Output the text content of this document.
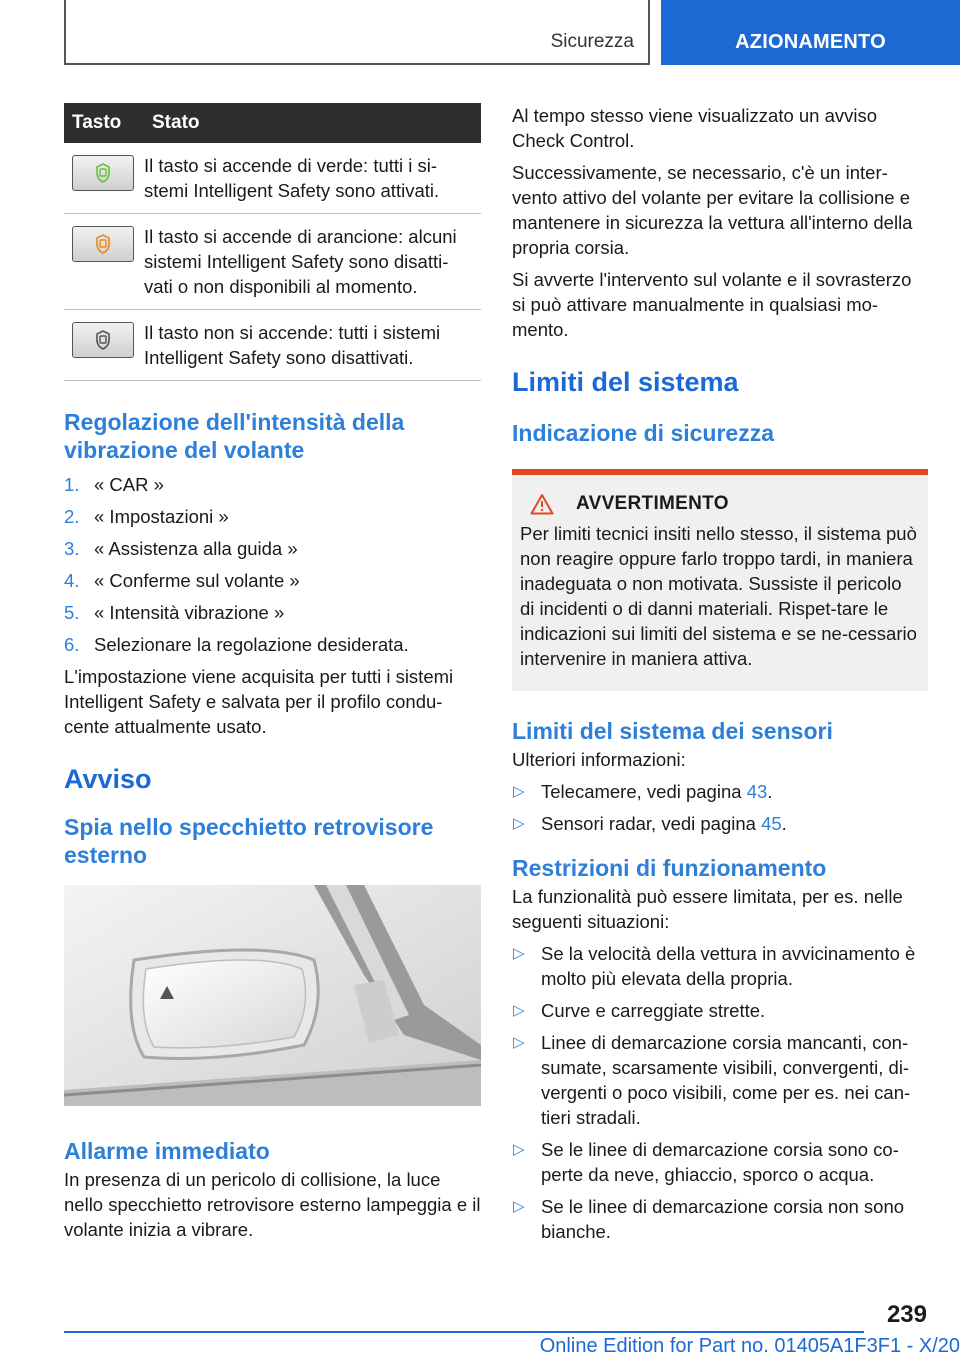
Sicurezza	AZIONAMENTO
Tasto	Stato

	Il tasto si accende di verde: tutti i si-
stemi Intelligent Safety sono attivati.

	Il tasto si accende di arancione: alcuni
sistemi Intelligent Safety sono disatti-
vati o non disponibili al momento.

	Il tasto non si accende: tutti i sistemi
Intelligent Safety sono disattivati.
Regolazione dell'intensità della vibrazione del volante
1. « CAR »
2. « Impostazioni »
3. « Assistenza alla guida »
4. « Conferme sul volante »
5. « Intensità vibrazione »
6. Selezionare la regolazione desiderata.

L'impostazione viene acquisita per tutti i sistemi Intelligent Safety e salvata per il profilo condu-cente attualmente usato.

Avviso
Spia nello specchietto retrovisore esterno
Allarme immediato

In presenza di un pericolo di collisione, la luce nello specchietto retrovisore esterno lampeggia e il volante inizia a vibrare.

Al tempo stesso viene visualizzato un avviso Check Control.

Successivamente, se necessario, c'è un inter-vento attivo del volante per evitare la collisione e mantenere in sicurezza la vettura all'interno della propria corsia.

Si avverte l'intervento sul volante e il sovrasterzo si può attivare manualmente in qualsiasi mo-mento.

Limiti del sistema
Indicazione di sicurezza
AVVERTIMENTO

Per limiti tecnici insiti nello stesso, il sistema può non reagire oppure farlo troppo tardi, in maniera inadeguata o non motivata. Sussiste il pericolo di incidenti o di danni materiali. Rispet-tare le indicazioni sui limiti del sistema e se ne-cessario intervenire in maniera attiva.

Limiti del sistema dei sensori

Ulteriori informazioni:

▷ Telecamere, vedi pagina 43.
▷ Sensori radar, vedi pagina 45.
Restrizioni di funzionamento

La funzionalità può essere limitata, per es. nelle seguenti situazioni:

▷ Se la velocità della vettura in avvicinamento è molto più elevata della propria.
▷ Curve e carreggiate strette.
▷ Linee di demarcazione corsia mancanti, con-sumate, scarsamente visibili, convergenti, di-vergenti o poco visibili, come per es. nei can-tieri stradali.
▷ Se le linee di demarcazione corsia sono co-perte da neve, ghiaccio, sporco o acqua.
▷ Se le linee di demarcazione corsia non sono bianche.
239
Online Edition for Part no. 01405A1F3F1 - X/20
